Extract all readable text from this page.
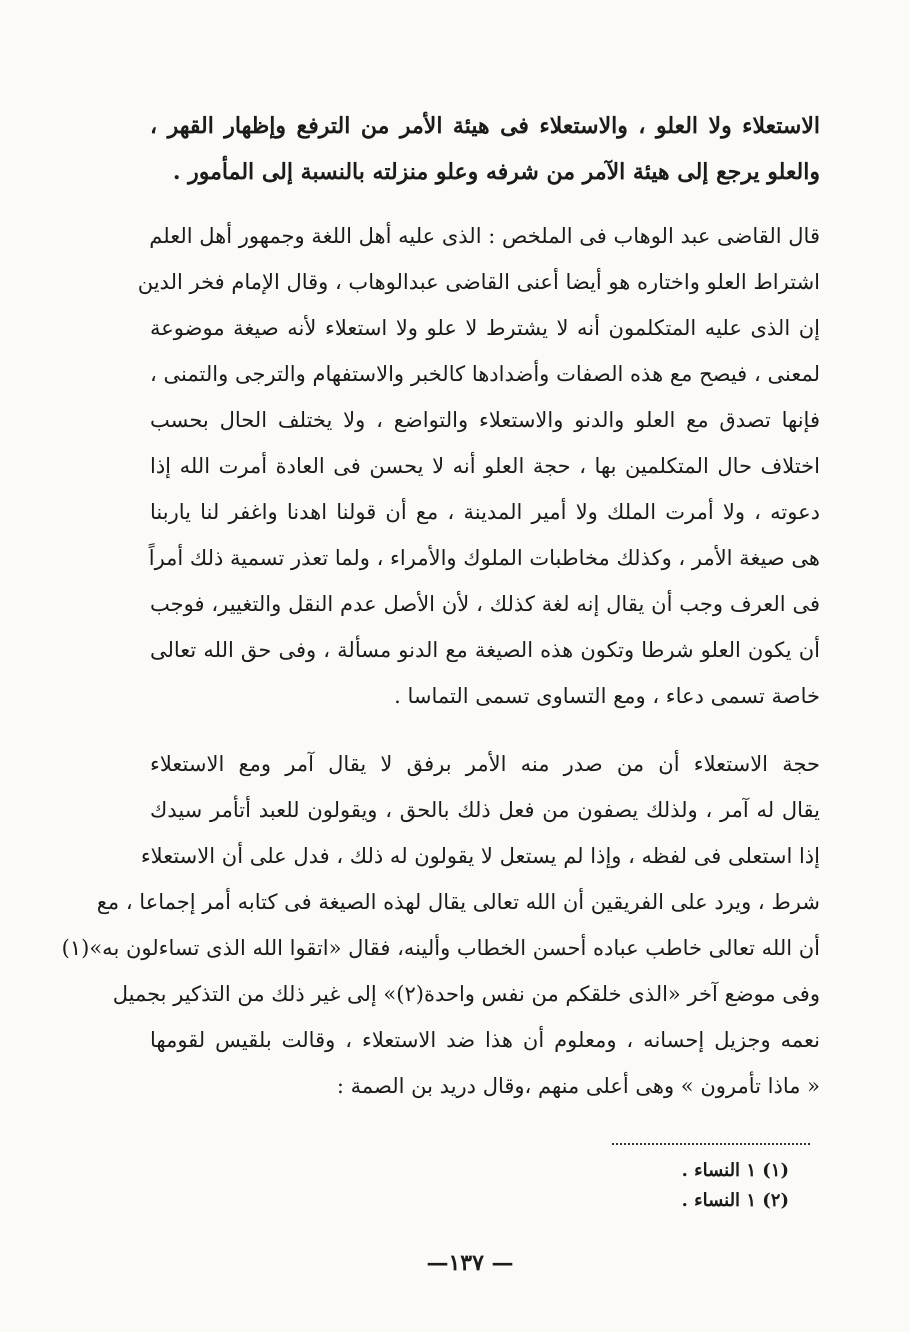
الاستعلاء ولا العلو ، والاستعلاء فى هيئة الأمر من الترفع وإظهار القهر ،
والعلو يرجع إلى هيئة الآمر من شرفه وعلو منزلته بالنسبة إلى المأمور .
قال القاضى عبد الوهاب فى الملخص : الذى عليه أهل اللغة وجمهور أهل العلم
اشتراط العلو واختاره هو أيضا أعنى القاضى عبدالوهاب ، وقال الإمام فخر الدين
إن الذى عليه المتكلمون أنه لا يشترط لا علو ولا استعلاء لأنه صيغة موضوعة
لمعنى ، فيصح مع هذه الصفات وأضدادها كالخبر والاستفهام والترجى والتمنى ،
فإنها تصدق مع العلو والدنو والاستعلاء والتواضع ، ولا يختلف الحال بحسب
اختلاف حال المتكلمين بها ، حجة العلو أنه لا يحسن فى العادة أمرت الله إذا
دعوته ، ولا أمرت الملك ولا أمير المدينة ، مع أن قولنا اهدنا واغفر لنا ياربنا
هى صيغة الأمر ، وكذلك مخاطبات الملوك والأمراء ، ولما تعذر تسمية ذلك أمراً
فى العرف وجب أن يقال إنه لغة كذلك ، لأن الأصل عدم النقل والتغيير، فوجب
أن يكون العلو شرطا وتكون هذه الصيغة مع الدنو مسألة ، وفى حق الله تعالى
خاصة تسمى دعاء ، ومع التساوى تسمى التماسا .
حجة الاستعلاء أن من صدر منه الأمر برفق لا يقال آمر ومع الاستعلاء
يقال له آمر ، ولذلك يصفون من فعل ذلك بالحق ، ويقولون للعبد أتأمر سيدك
إذا استعلى فى لفظه ، وإذا لم يستعل لا يقولون له ذلك ، فدل على أن الاستعلاء
شرط ، ويرد على الفريقين أن الله تعالى يقال لهذه الصيغة فى كتابه أمر إجماعا ، مع
أن الله تعالى خاطب عباده أحسن الخطاب وألينه، فقال «اتقوا الله الذى تساءلون به»(١)
وفى موضع آخر «الذى خلقكم من نفس واحدة(٢)» إلى غير ذلك من التذكير بجميل
نعمه وجزيل إحسانه ، ومعلوم أن هذا ضد الاستعلاء ، وقالت بلقيس لقومها
« ماذا تأمرون » وهى أعلى منهم ،وقال دريد بن الصمة :
(١) ١ النساء .
(٢) ١ النساء .
— ١٣٧—
